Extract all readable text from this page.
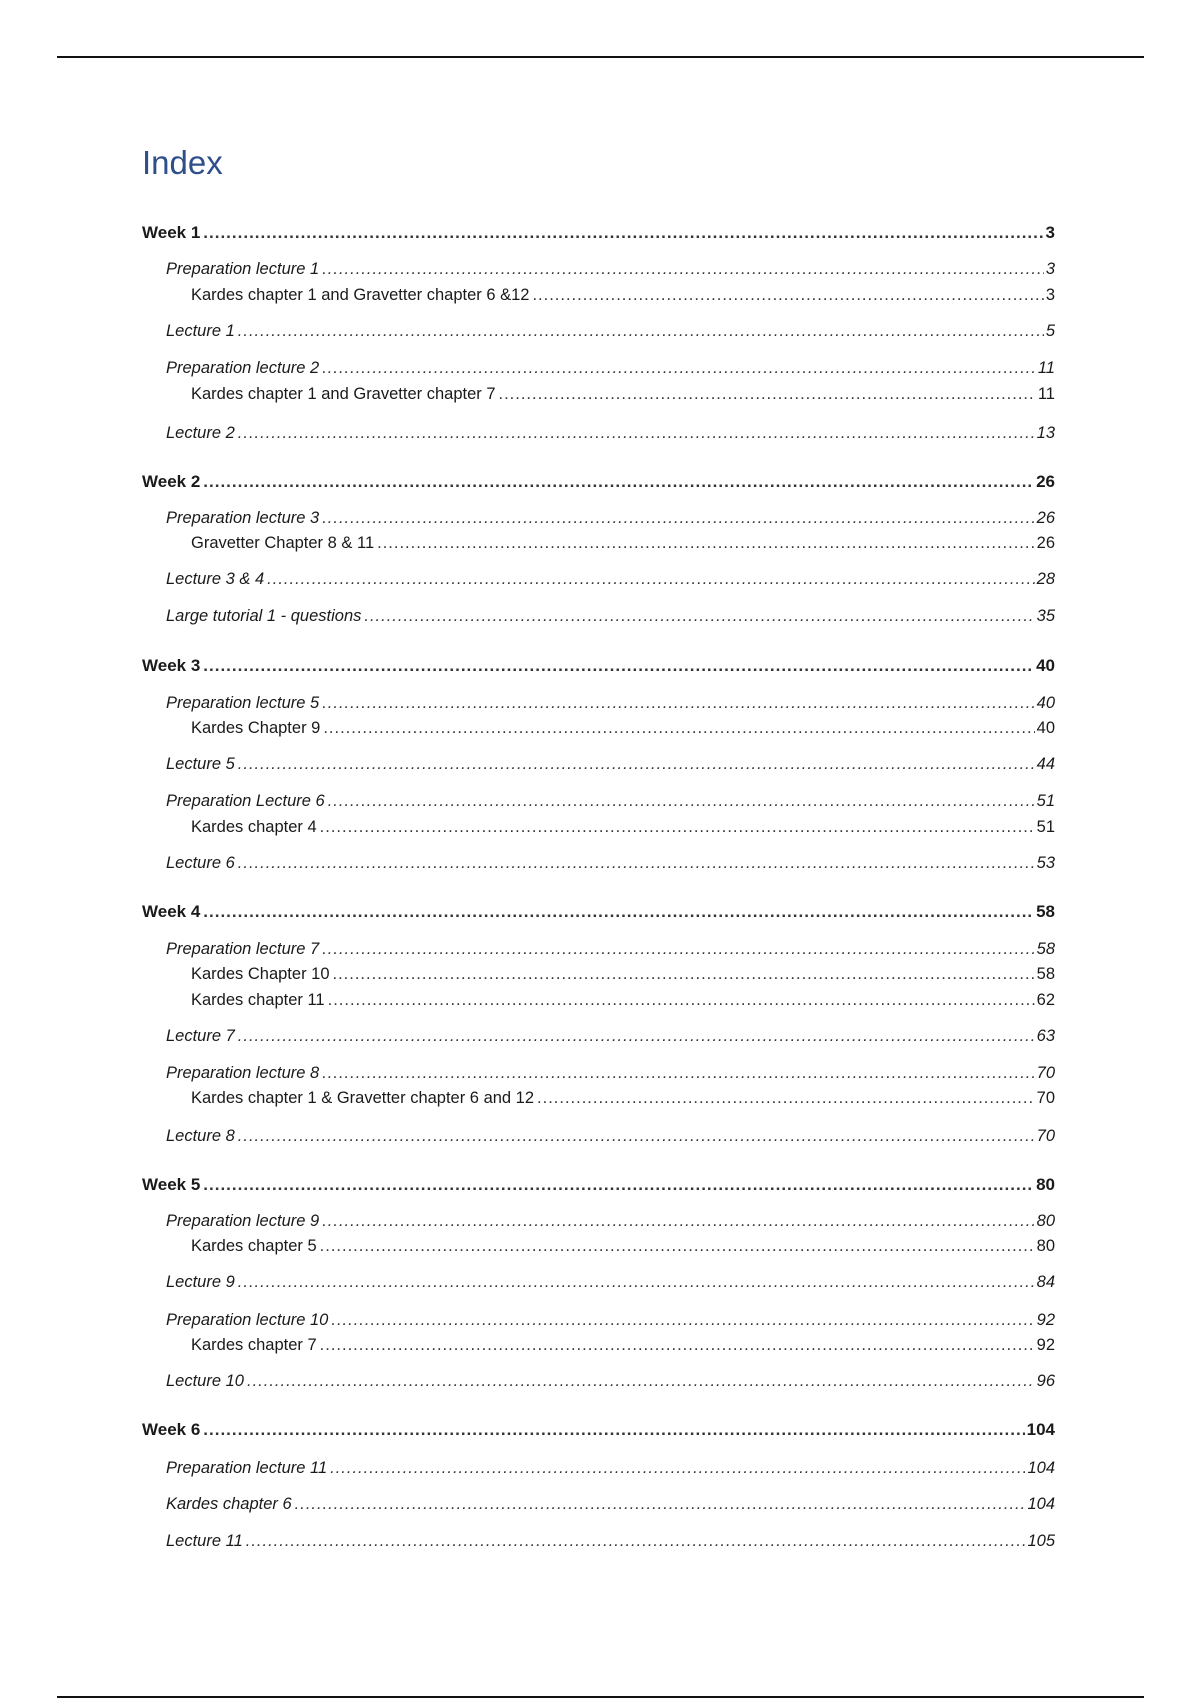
Index
Week 1 .....	3
Preparation lecture 1 .....	3
Kardes chapter 1 and Gravetter chapter 6 &12 .....	3
Lecture 1 .....	5
Preparation lecture 2 .....	11
Kardes chapter 1 and Gravetter chapter 7 .....	11
Lecture 2 .....	13
Week 2 .....	26
Preparation lecture 3 .....	26
Gravetter Chapter 8 & 11 .....	26
Lecture 3 & 4 .....	28
Large tutorial 1 - questions .....	35
Week 3 .....	40
Preparation lecture 5 .....	40
Kardes Chapter 9 .....	40
Lecture 5 .....	44
Preparation Lecture 6 .....	51
Kardes chapter 4 .....	51
Lecture 6 .....	53
Week 4 .....	58
Preparation lecture 7 .....	58
Kardes Chapter 10 .....	58
Kardes chapter 11 .....	62
Lecture 7 .....	63
Preparation lecture 8 .....	70
Kardes chapter 1 & Gravetter chapter 6 and 12 .....	70
Lecture 8 .....	70
Week 5 .....	80
Preparation lecture 9 .....	80
Kardes chapter 5 .....	80
Lecture 9 .....	84
Preparation lecture 10 .....	92
Kardes chapter 7 .....	92
Lecture 10 .....	96
Week 6 .....	104
Preparation lecture 11 .....	104
Kardes chapter 6 .....	104
Lecture 11 .....	105
